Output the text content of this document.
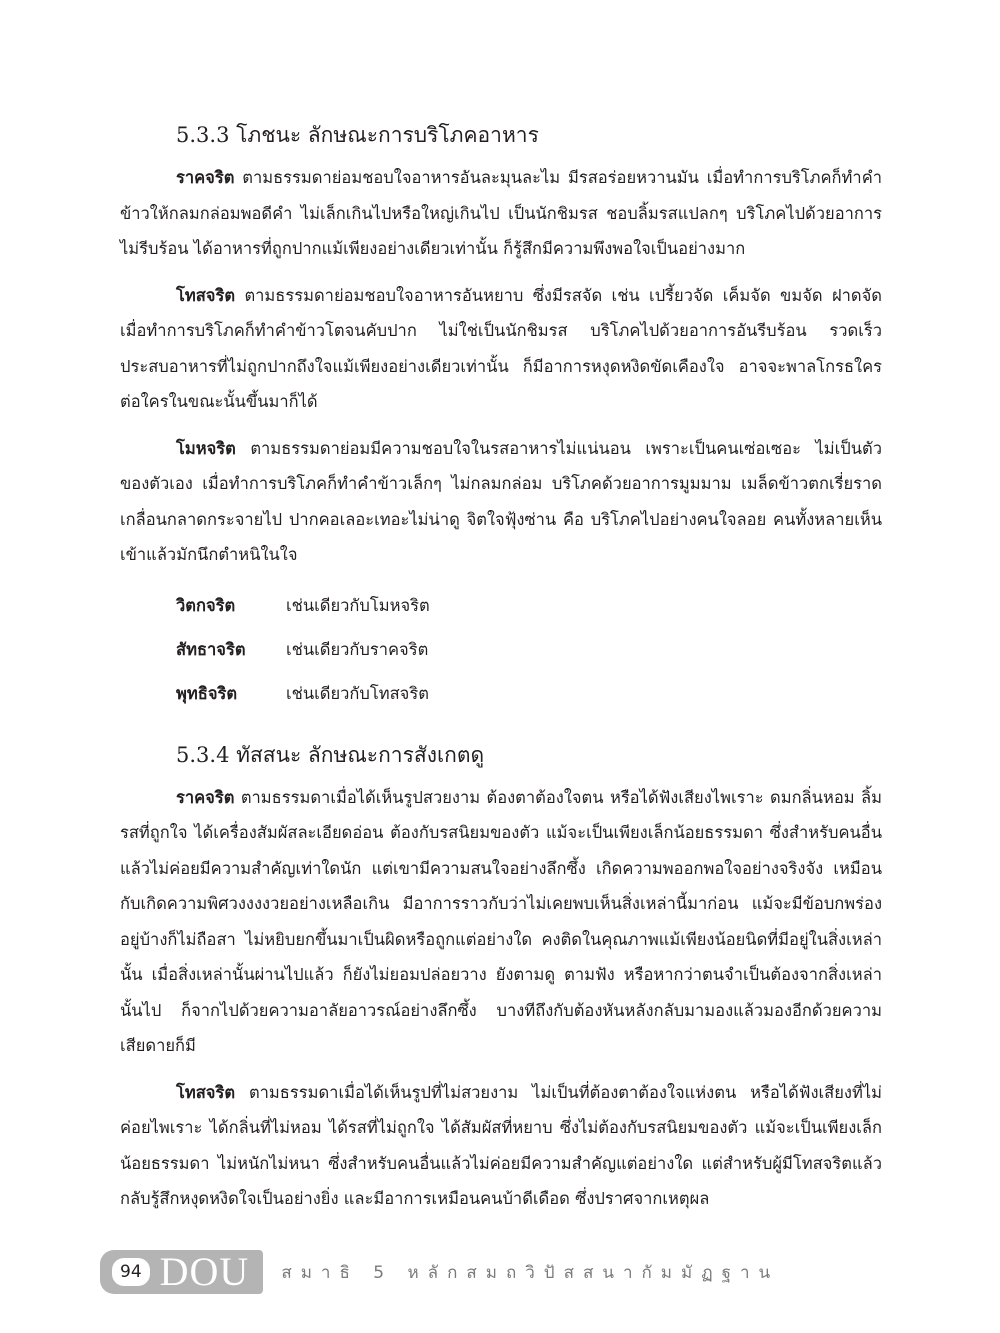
5.3.3 โภชนะ ลักษณะการบริโภคอาหาร

ราคจริต ตามธรรมดาย่อมชอบใจอาหารอันละมุนละไม มีรสอร่อยหวานมัน เมื่อทำการบริโภคก็ทำคำข้าวให้กลมกล่อมพอดีคำ ไม่เล็กเกินไปหรือใหญ่เกินไป เป็นนักชิมรส ชอบลิ้มรสแปลกๆ บริโภคไปด้วยอาการไม่รีบร้อน ได้อาหารที่ถูกปากแม้เพียงอย่างเดียวเท่านั้น ก็รู้สึกมีความพึงพอใจเป็นอย่างมาก

โทสจริต ตามธรรมดาย่อมชอบใจอาหารอันหยาบ ซึ่งมีรสจัด เช่น เปรี้ยวจัด เค็มจัด ขมจัด ฝาดจัด เมื่อทำการบริโภคก็ทำคำข้าวโตจนคับปาก ไม่ใช่เป็นนักชิมรส บริโภคไปด้วยอาการอันรีบร้อน รวดเร็ว ประสบอาหารที่ไม่ถูกปากถึงใจแม้เพียงอย่างเดียวเท่านั้น ก็มีอาการหงุดหงิดขัดเคืองใจ อาจจะพาลโกรธใครต่อใครในขณะนั้นขึ้นมาก็ได้

โมหจริต ตามธรรมดาย่อมมีความชอบใจในรสอาหารไม่แน่นอน เพราะเป็นคนเซ่อเซอะ ไม่เป็นตัวของตัวเอง เมื่อทำการบริโภคก็ทำคำข้าวเล็กๆ ไม่กลมกล่อม บริโภคด้วยอาการมูมมาม เมล็ดข้าวตกเรี่ยราดเกลื่อนกลาดกระจายไป ปากคอเลอะเทอะไม่น่าดู จิตใจฟุ้งซ่าน คือ บริโภคไปอย่างคนใจลอย คนทั้งหลายเห็นเข้าแล้วมักนึกตำหนิในใจ

วิตกจริต	เช่นเดียวกับโมหจริต
สัทธาจริต	เช่นเดียวกับราคจริต
พุทธิจริต	เช่นเดียวกับโทสจริต
5.3.4 ทัสสนะ ลักษณะการสังเกตดู

ราคจริต ตามธรรมดาเมื่อได้เห็นรูปสวยงาม ต้องตาต้องใจตน หรือได้ฟังเสียงไพเราะ ดมกลิ่นหอม ลิ้มรสที่ถูกใจ ได้เครื่องสัมผัสละเอียดอ่อน ต้องกับรสนิยมของตัว แม้จะเป็นเพียงเล็กน้อยธรรมดา ซึ่งสำหรับคนอื่นแล้วไม่ค่อยมีความสำคัญเท่าใดนัก แต่เขามีความสนใจอย่างลึกซึ้ง เกิดความพออกพอใจอย่างจริงจัง เหมือนกับเกิดความพิศวงงงงวยอย่างเหลือเกิน มีอาการราวกับว่าไม่เคยพบเห็นสิ่งเหล่านี้มาก่อน แม้จะมีข้อบกพร่องอยู่บ้างก็ไม่ถือสา ไม่หยิบยกขึ้นมาเป็นผิดหรือถูกแต่อย่างใด คงติดในคุณภาพแม้เพียงน้อยนิดที่มีอยู่ในสิ่งเหล่านั้น เมื่อสิ่งเหล่านั้นผ่านไปแล้ว ก็ยังไม่ยอมปล่อยวาง ยังตามดู ตามฟัง หรือหากว่าตนจำเป็นต้องจากสิ่งเหล่านั้นไป ก็จากไปด้วยความอาลัยอาวรณ์อย่างลึกซึ้ง บางทีถึงกับต้องหันหลังกลับมามองแล้วมองอีกด้วยความเสียดายก็มี

โทสจริต ตามธรรมดาเมื่อได้เห็นรูปที่ไม่สวยงาม ไม่เป็นที่ต้องตาต้องใจแห่งตน หรือได้ฟังเสียงที่ไม่ค่อยไพเราะ ได้กลิ่นที่ไม่หอม ได้รสที่ไม่ถูกใจ ได้สัมผัสที่หยาบ ซึ่งไม่ต้องกับรสนิยมของตัว แม้จะเป็นเพียงเล็กน้อยธรรมดา ไม่หนักไม่หนา ซึ่งสำหรับคนอื่นแล้วไม่ค่อยมีความสำคัญแต่อย่างใด แต่สำหรับผู้มีโทสจริตแล้ว กลับรู้สึกหงุดหงิดใจเป็นอย่างยิ่ง และมีอาการเหมือนคนบ้าดีเดือด ซึ่งปราศจากเหตุผล

94 DOU สมาธิ 5 หลักสมถวิปัสสนากัมมัฏฐาน
